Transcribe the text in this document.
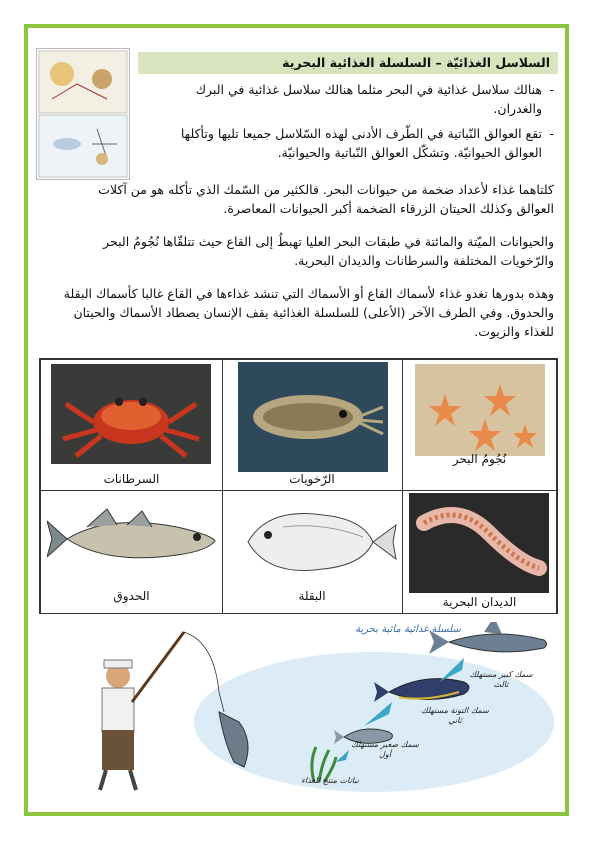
السلاسل الغذائيّة – السلسلة الغذائية البحرية
-
هنالك سلاسل غذائية في البحر مثلما هنالك سلاسل غذائية في البرك والغدران.
-
تقع العوالق النّباتية في الطّرف الأدنى لهذه السّلاسل جميعا تليها وتأكلها العوالق الحيوانيّة. وتشكّل العوالق النّباتية والحيوانيّة.
كلتاهما غذاء لأعداد ضخمة من حيوانات البحر. فالكثير من السّمك الذي تأكله هو من آكلات العوالق وكذلك الحيتان الزرقاء الضخمة أكبر الحيوانات المعاصرة.
والحيوانات الميّتة والمائتة في طبقات البحر العليا تهبطُ إلى القاع حيث تتلقّاها نُجُومُ البحر والرّخويات المختلفة والسرطانات والديدان البحرية.
وهذه بدورها تغدو غذاء لأسماك القاع أو الأسماك التي تنشد غذاءها في القاع غالبا كأسماك البقلة والحدوق. وفي الطرف الآخر (الأعلى) للسلسلة الغذائية يقف الإنسان يصطاد الأسماك والحيتان للغذاء والزيوت.
نُجُومُ البحر
الرّخويات
السرطانات
الديدان البحرية
البقلة
الحدوق
سلسلة غذائية مائية بحرية
سمك كبير مستهلك ثالث
سمك التونة مستهلك ثاني
سمك صغير مستهلك أول
نباتات منتج للغذاء
